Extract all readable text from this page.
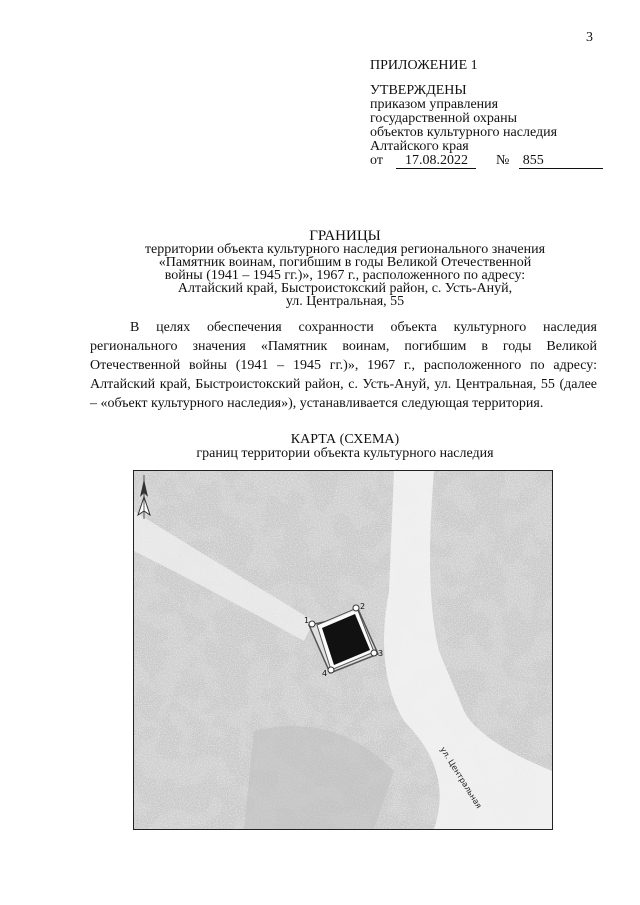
3
ПРИЛОЖЕНИЕ 1
УТВЕРЖДЕНЫ
приказом управления
государственной охраны
объектов культурного наследия
Алтайского края
от 17.08.2022 № 855
ГРАНИЦЫ
территории объекта культурного наследия регионального значения
«Памятник воинам, погибшим в годы Великой Отечественной
войны (1941 – 1945 гг.)», 1967 г., расположенного по адресу:
Алтайский край, Быстроистокский район, с. Усть-Ануй,
ул. Центральная, 55

В целях обеспечения сохранности объекта культурного наследия регионального значения «Памятник воинам, погибшим в годы Великой Отечественной войны (1941 – 1945 гг.)», 1967 г., расположенного по адресу: Алтайский край, Быстроистокский район, с. Усть-Ануй, ул. Центральная, 55 (далее – «объект культурного наследия»), устанавливается следующая территория.

КАРТА (СХЕМА)
границ территории объекта культурного наследия
2
3
4
1
ул. Центральная
